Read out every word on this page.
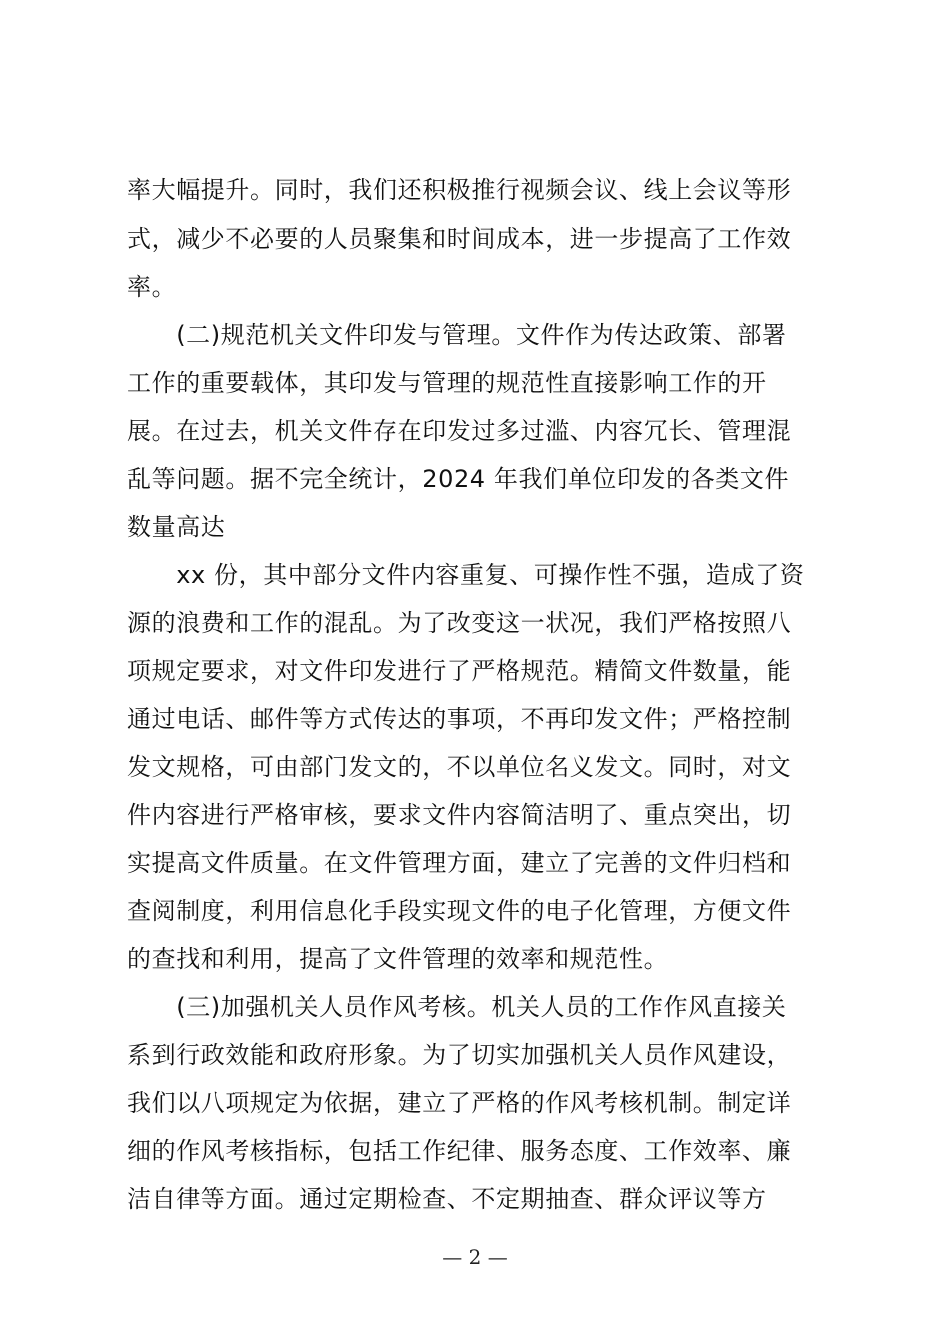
率大幅提升。同时，我们还积极推行视频会议、线上会议等形
式，减少不必要的人员聚集和时间成本，进一步提高了工作效
率。
　　(二)规范机关文件印发与管理。文件作为传达政策、部署
工作的重要载体，其印发与管理的规范性直接影响工作的开
展。在过去，机关文件存在印发过多过滥、内容冗长、管理混
乱等问题。据不完全统计，2024 年我们单位印发的各类文件
数量高达
　　xx 份，其中部分文件内容重复、可操作性不强，造成了资
源的浪费和工作的混乱。为了改变这一状况，我们严格按照八
项规定要求，对文件印发进行了严格规范。精简文件数量，能
通过电话、邮件等方式传达的事项，不再印发文件；严格控制
发文规格，可由部门发文的，不以单位名义发文。同时，对文
件内容进行严格审核，要求文件内容简洁明了、重点突出，切
实提高文件质量。在文件管理方面，建立了完善的文件归档和
查阅制度，利用信息化手段实现文件的电子化管理，方便文件
的查找和利用，提高了文件管理的效率和规范性。
　　(三)加强机关人员作风考核。机关人员的工作作风直接关
系到行政效能和政府形象。为了切实加强机关人员作风建设，
我们以八项规定为依据，建立了严格的作风考核机制。制定详
细的作风考核指标，包括工作纪律、服务态度、工作效率、廉
洁自律等方面。通过定期检查、不定期抽查、群众评议等方
— 2 —
